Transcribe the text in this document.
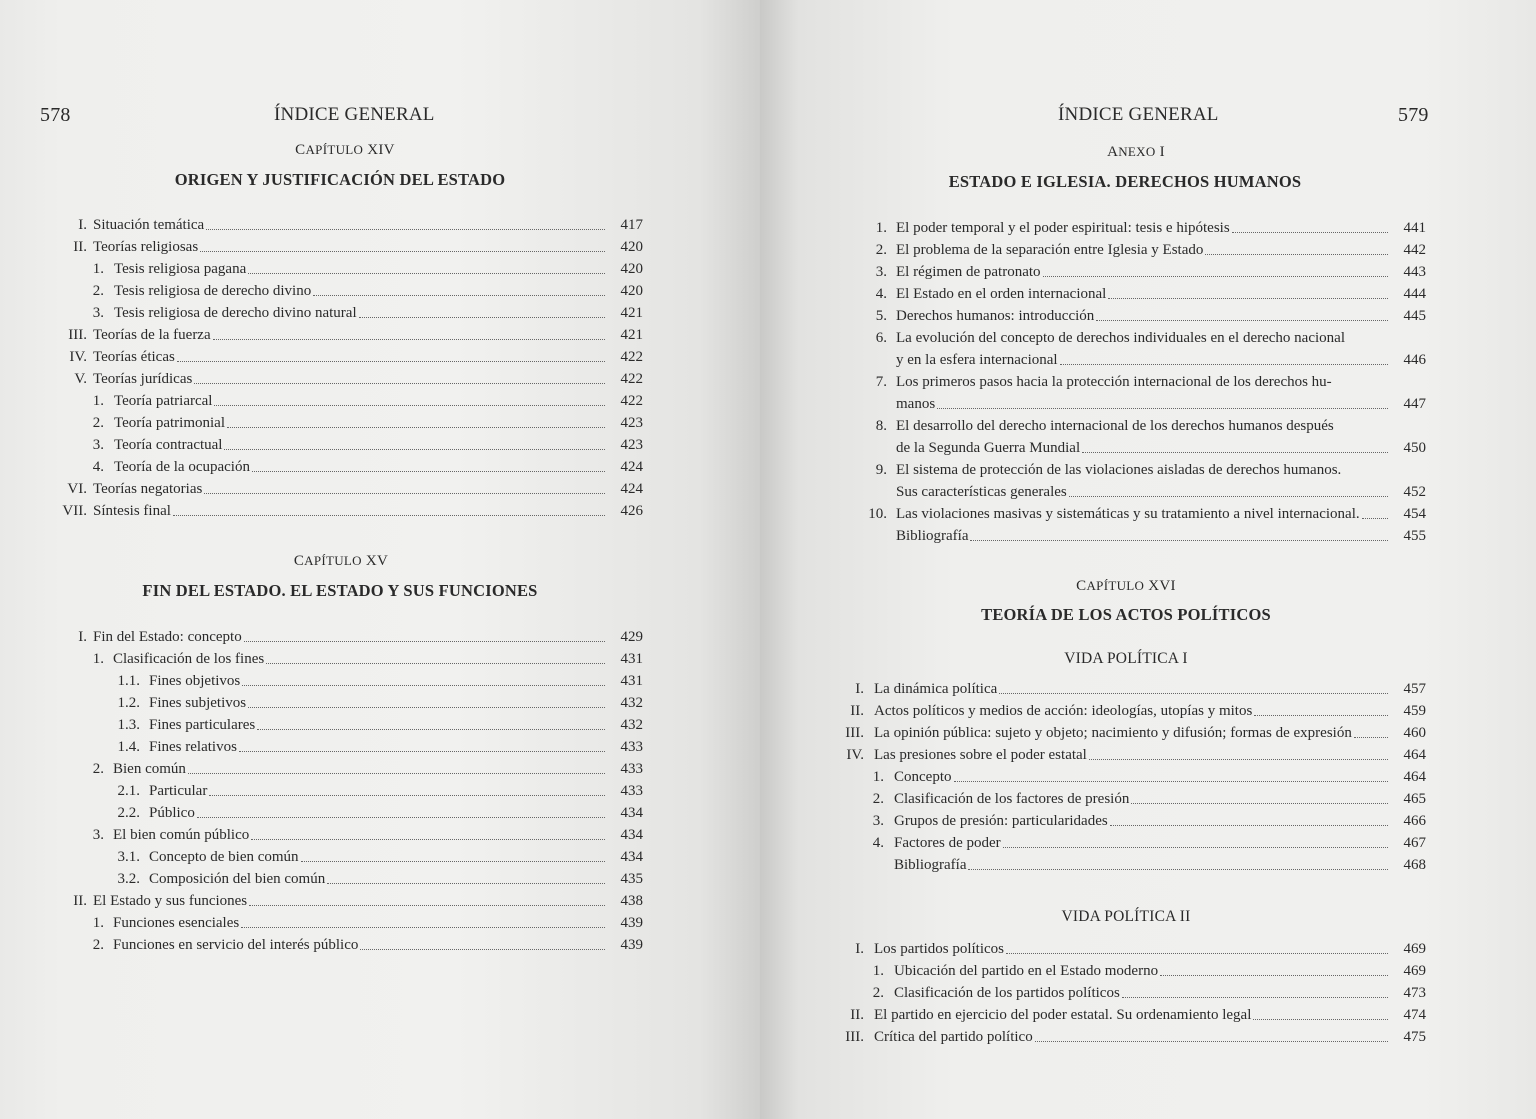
578	ÍNDICE GENERAL
CAPÍTULO XIV
ORIGEN Y JUSTIFICACIÓN DEL ESTADO
I. Situación temática	417
II. Teorías religiosas	420
1. Tesis religiosa pagana	420
2. Tesis religiosa de derecho divino	420
3. Tesis religiosa de derecho divino natural	421
III. Teorías de la fuerza	421
IV. Teorías éticas	422
V. Teorías jurídicas	422
1. Teoría patriarcal	422
2. Teoría patrimonial	423
3. Teoría contractual	423
4. Teoría de la ocupación	424
VI. Teorías negatorias	424
VII. Síntesis final	426
CAPÍTULO XV
FIN DEL ESTADO. EL ESTADO Y SUS FUNCIONES
I. Fin del Estado: concepto	429
1. Clasificación de los fines	431
1.1. Fines objetivos	431
1.2. Fines subjetivos	432
1.3. Fines particulares	432
1.4. Fines relativos	433
2. Bien común	433
2.1. Particular	433
2.2. Público	434
3. El bien común público	434
3.1. Concepto de bien común	434
3.2. Composición del bien común	435
II. El Estado y sus funciones	438
1. Funciones esenciales	439
2. Funciones en servicio del interés público	439
ÍNDICE GENERAL	579
ANEXO I
ESTADO E IGLESIA. DERECHOS HUMANOS
1. El poder temporal y el poder espiritual: tesis e hipótesis	441
2. El problema de la separación entre Iglesia y Estado	442
3. El régimen de patronato	443
4. El Estado en el orden internacional	444
5. Derechos humanos: introducción	445
6. La evolución del concepto de derechos individuales en el derecho nacional
y en la esfera internacional	446
7. Los primeros pasos hacia la protección internacional de los derechos hu-
manos	447
8. El desarrollo del derecho internacional de los derechos humanos después
de la Segunda Guerra Mundial	450
9. El sistema de protección de las violaciones aisladas de derechos humanos.
Sus características generales	452
10. Las violaciones masivas y sistemáticas y su tratamiento a nivel internacional.	454
Bibliografía	455
CAPÍTULO XVI
TEORÍA DE LOS ACTOS POLÍTICOS
VIDA POLÍTICA I
I. La dinámica política	457
II. Actos políticos y medios de acción: ideologías, utopías y mitos	459
III. La opinión pública: sujeto y objeto; nacimiento y difusión; formas de expresión	460
IV. Las presiones sobre el poder estatal	464
1. Concepto	464
2. Clasificación de los factores de presión	465
3. Grupos de presión: particularidades	466
4. Factores de poder	467
Bibliografía	468
VIDA POLÍTICA II
I. Los partidos políticos	469
1. Ubicación del partido en el Estado moderno	469
2. Clasificación de los partidos políticos	473
II. El partido en ejercicio del poder estatal. Su ordenamiento legal	474
III. Crítica del partido político	475
